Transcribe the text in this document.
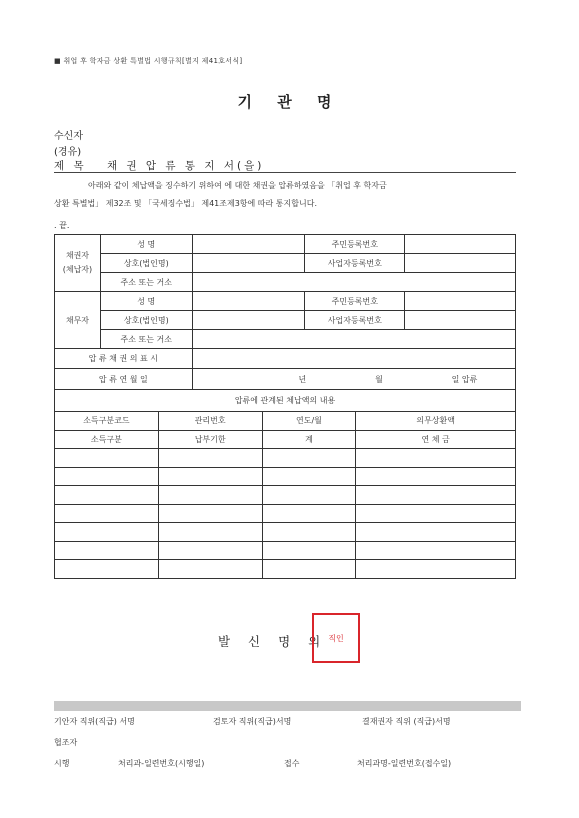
■ 취업 후 학자금 상환 특별법 시행규칙[별지 제41호서식]
기 관 명
수신자
(경유)
제 목 채 권 압 류 통 지 서(을)
아래와 같이 체납액을 징수하기 위하여 에 대한 채권을 압류하였음을 「취업 후 학자금
상환 특별법」 제32조 및 「국세징수법」 제41조제3항에 따라 통지합니다.
. 끝.
채권자
(체납자)	성 명		주민등록번호	
	상호(법인명)		사업자등록번호	
	주소 또는 거소			
채무자	성 명		주민등록번호	
	상호(법인명)		사업자등록번호	
	주소 또는 거소			
압 류 채 권 의 표 시				
압 류 연 월 일		년 월 일 압류		
압류에 관계된 체납액의 내용				
소득구분코드	관리번호	연도/월	의무상환액
소득구분	납부기한	계	연 체 금

발 신 명 의 직인
기안자 직위(직급) 서명	검토자 직위(직급)서명	결재권자 직위 (직급)서명
협조자
시행	처리과-일련번호(시행일)	접수	처리과명-일련번호(접수일)
